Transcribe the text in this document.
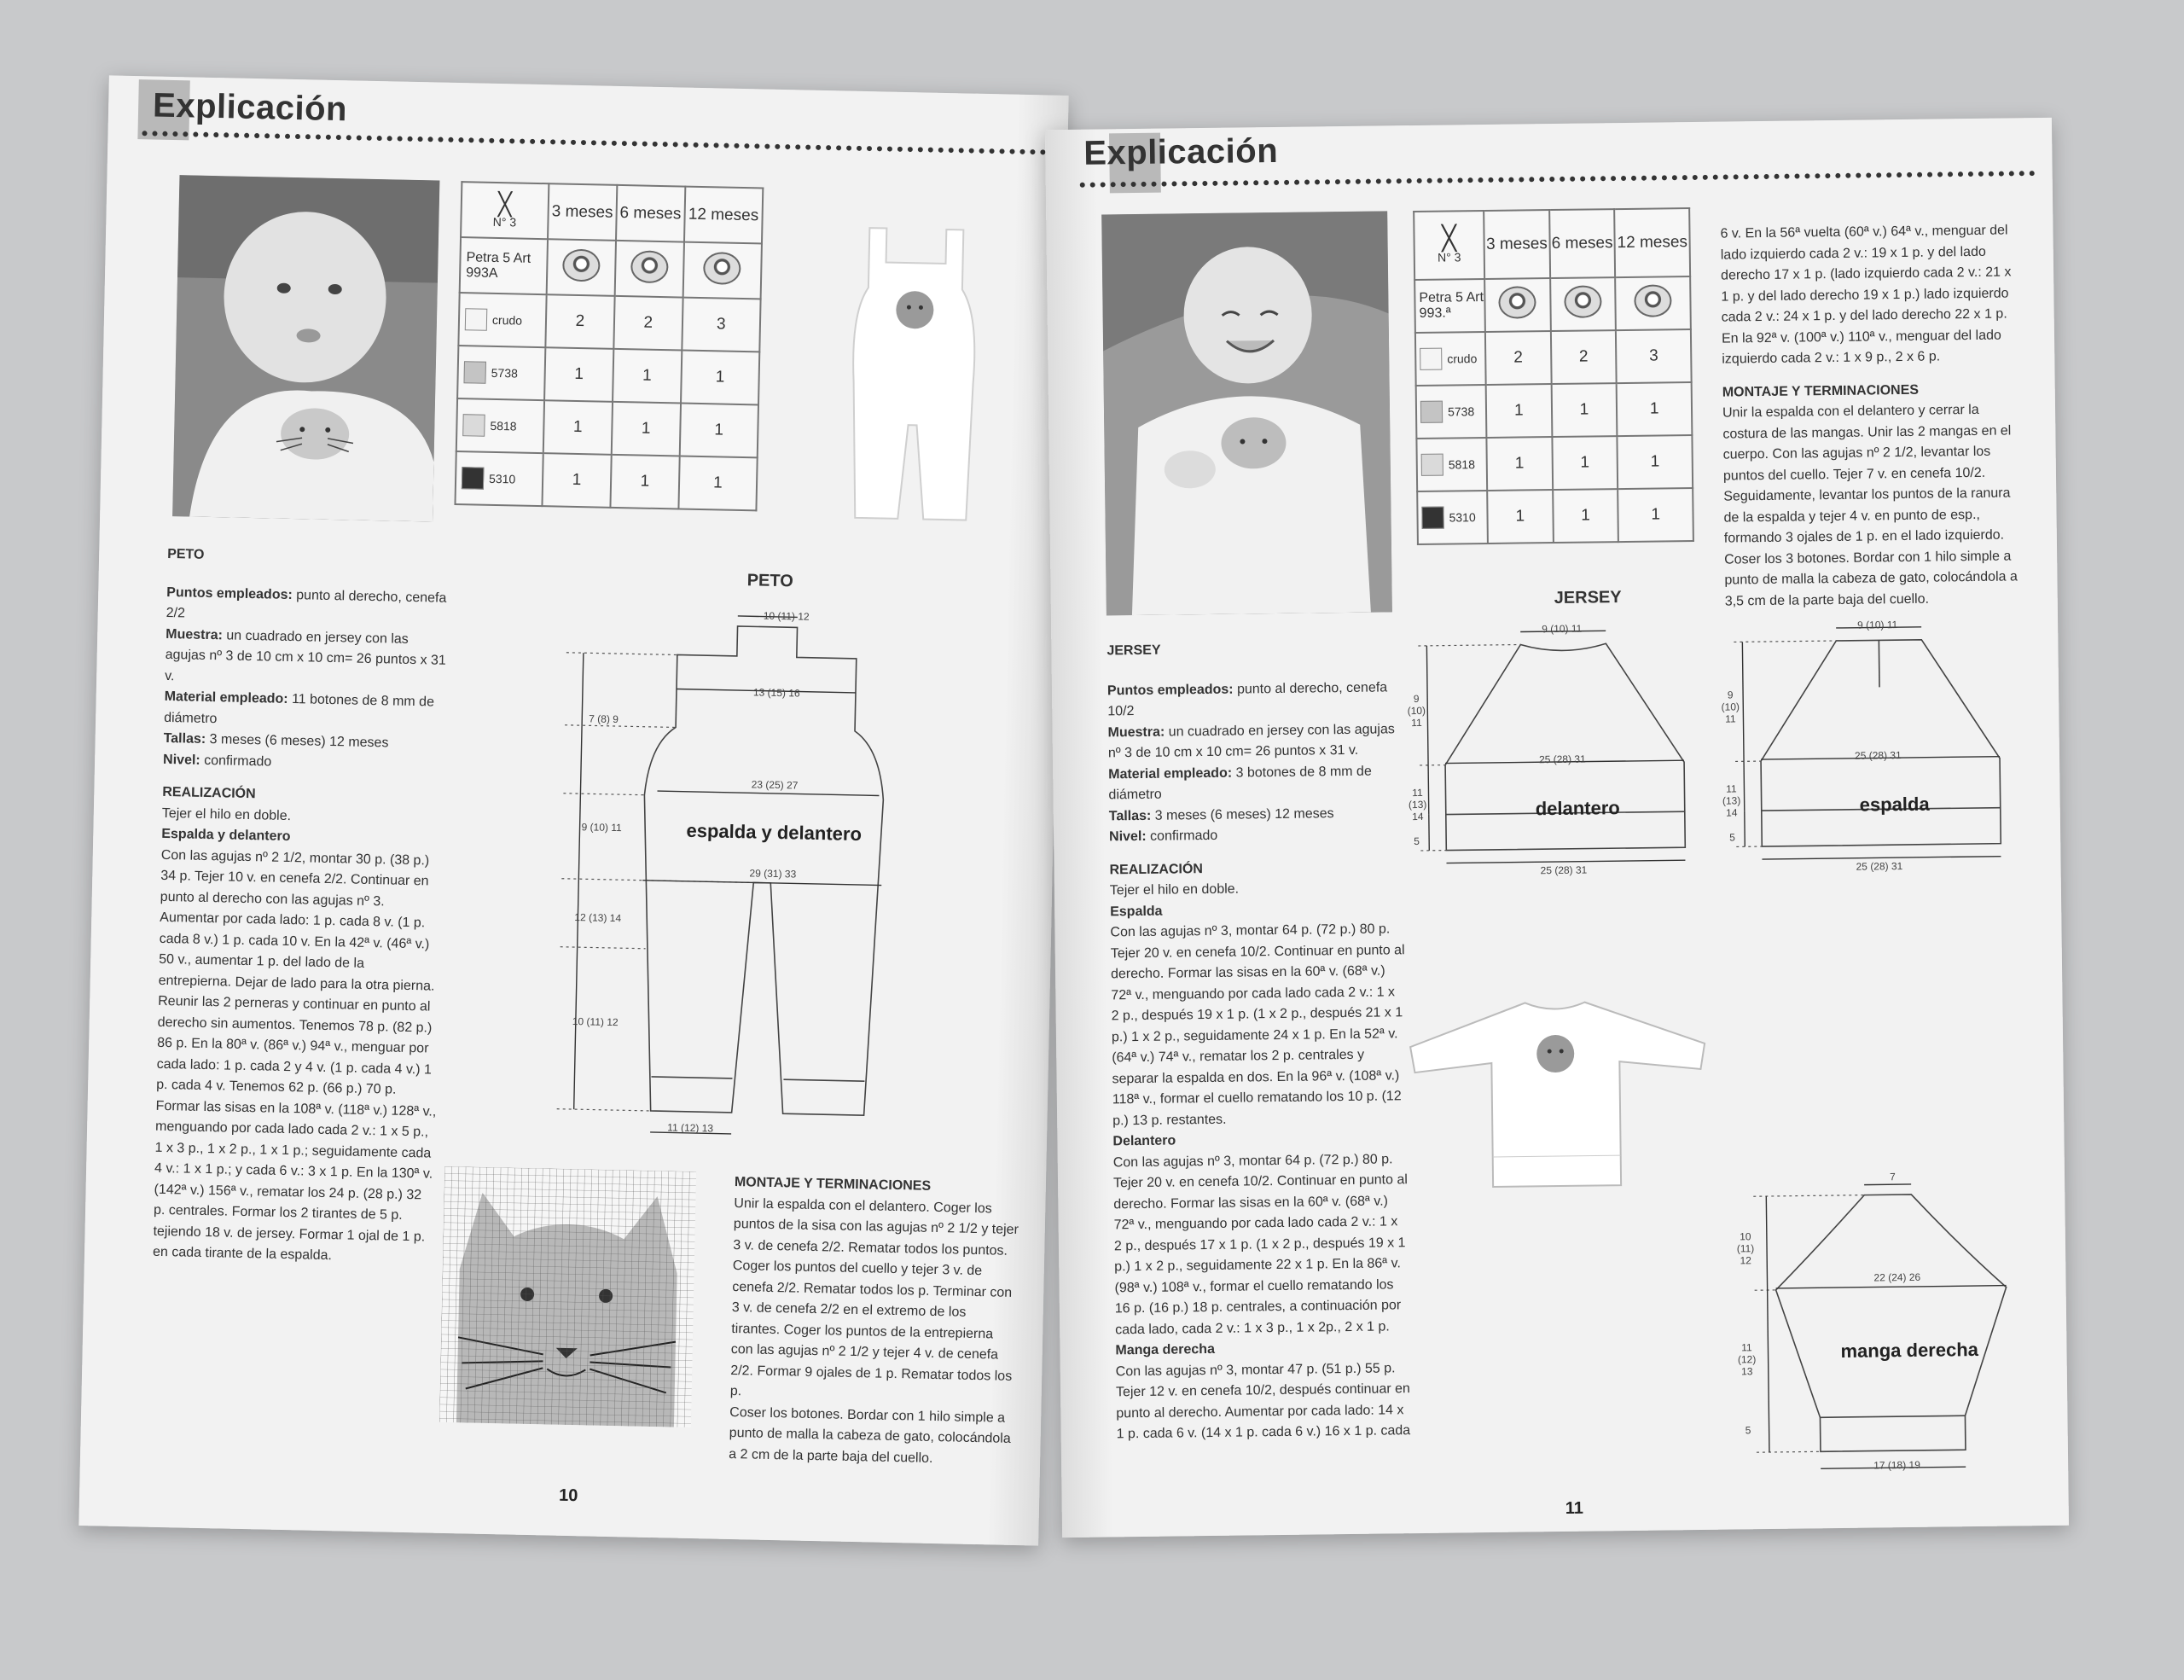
Explicación
╳
N° 3	3 meses	6 meses	12 meses
Petra 5 Art 993A			
crudo	2	2	3
5738	1	1	1
5818	1	1	1
5310	1	1	1
PETO

Puntos empleados: punto al derecho, cenefa 2/2

Muestra: un cuadrado en jersey con las agujas nº 3 de 10 cm x 10 cm= 26 puntos x 31 v.

Material empleado: 11 botones de 8 mm de diámetro

Tallas: 3 meses (6 meses) 12 meses

Nivel: confirmado

REALIZACIÓN

Tejer el hilo en doble.

Espalda y delantero

Con las agujas nº 2 1/2, montar 30 p. (38 p.) 34 p. Tejer 10 v. en cenefa 2/2. Continuar en punto al derecho con las agujas nº 3. Aumentar por cada lado: 1 p. cada 8 v. (1 p. cada 8 v.) 1 p. cada 10 v. En la 42ª v. (46ª v.) 50 v., aumentar 1 p. del lado de la entrepierna. Dejar de lado para la otra pierna. Reunir las 2 perneras y continuar en punto al derecho sin aumentos. Tenemos 78 p. (82 p.) 86 p. En la 80ª v. (86ª v.) 94ª v., menguar por cada lado: 1 p. cada 2 y 4 v. (1 p. cada 4 v.) 1 p. cada 4 v. Tenemos 62 p. (66 p.) 70 p. Formar las sisas en la 108ª v. (118ª v.) 128ª v., menguando por cada lado cada 2 v.: 1 x 5 p., 1 x 3 p., 1 x 2 p., 1 x 1 p.; seguidamente cada 4 v.: 1 x 1 p.; y cada 6 v.: 3 x 1 p. En la 130ª v. (142ª v.) 156ª v., rematar los 24 p. (28 p.) 32 p. centrales. Formar los 2 tirantes de 5 p. tejiendo 18 v. de jersey. Formar 1 ojal de 1 p. en cada tirante de la espalda.

PETO
10 (11) 12
7 (8) 9
13 (15) 16
23 (25) 27
9 (10) 11
29 (31) 33
12 (13) 14
10 (11) 12
11 (12) 13
espalda y delantero
MONTAJE Y TERMINACIONES

Unir la espalda con el delantero. Coger los puntos de la sisa con las agujas nº 2 1/2 y tejer 3 v. de cenefa 2/2. Rematar todos los puntos. Coger los puntos del cuello y tejer 3 v. de cenefa 2/2. Rematar todos los p. Terminar con 3 v. de cenefa 2/2 en el extremo de los tirantes. Coger los puntos de la entrepierna con las agujas nº 2 1/2 y tejer 4 v. de cenefa 2/2. Formar 9 ojales de 1 p. Rematar todos los p.

Coser los botones. Bordar con 1 hilo simple a punto de malla la cabeza de gato, colocándola a 2 cm de la parte baja del cuello.

10
Explicación
╳
N° 3	3 meses	6 meses	12 meses
Petra 5 Art 993.ª			
crudo	2	2	3
5738	1	1	1
5818	1	1	1
5310	1	1	1

6 v. En la 56ª vuelta (60ª v.) 64ª v., menguar del lado izquierdo cada 2 v.: 19 x 1 p. y del lado derecho 17 x 1 p. (lado izquierdo cada 2 v.: 21 x 1 p. y del lado derecho 19 x 1 p.) lado izquierdo cada 2 v.: 24 x 1 p. y del lado derecho 22 x 1 p. En la 92ª v. (100ª v.) 110ª v., menguar del lado izquierdo cada 2 v.: 1 x 9 p., 2 x 6 p.

MONTAJE Y TERMINACIONES

Unir la espalda con el delantero y cerrar la costura de las mangas. Unir las 2 mangas en el cuerpo. Con las agujas nº 2 1/2, levantar los puntos del cuello. Tejer 7 v. en cenefa 10/2. Seguidamente, levantar los puntos de la ranura de la espalda y tejer 4 v. en punto de esp., formando 3 ojales de 1 p. en el lado izquierdo. Coser los 3 botones. Bordar con 1 hilo simple a punto de malla la cabeza de gato, colocándola a 3,5 cm de la parte baja del cuello.

JERSEY

Puntos empleados: punto al derecho, cenefa 10/2

Muestra: un cuadrado en jersey con las agujas nº 3 de 10 cm x 10 cm= 26 puntos x 31 v.

Material empleado: 3 botones de 8 mm de diámetro

Tallas: 3 meses (6 meses) 12 meses

Nivel: confirmado

REALIZACIÓN

Tejer el hilo en doble.

Espalda

Con las agujas nº 3, montar 64 p. (72 p.) 80 p. Tejer 20 v. en cenefa 10/2. Continuar en punto al derecho. Formar las sisas en la 60ª v. (68ª v.) 72ª v., menguando por cada lado cada 2 v.: 1 x 2 p., después 19 x 1 p. (1 x 2 p., después 21 x 1 p.) 1 x 2 p., seguidamente 24 x 1 p. En la 52ª v. (64ª v.) 74ª v., rematar los 2 p. centrales y separar la espalda en dos. En la 96ª v. (108ª v.) 118ª v., formar el cuello rematando los 10 p. (12 p.) 13 p. restantes.

Delantero

Con las agujas nº 3, montar 64 p. (72 p.) 80 p. Tejer 20 v. en cenefa 10/2. Continuar en punto al derecho. Formar las sisas en la 60ª v. (68ª v.) 72ª v., menguando por cada lado cada 2 v.: 1 x 2 p., después 17 x 1 p. (1 x 2 p., después 19 x 1 p.) 1 x 2 p., seguidamente 22 x 1 p. En la 86ª v. (98ª v.) 108ª v., formar el cuello rematando los 16 p. (16 p.) 18 p. centrales, a continuación por cada lado, cada 2 v.: 1 x 3 p., 1 x 2p., 2 x 1 p.

Manga derecha

Con las agujas nº 3, montar 47 p. (51 p.) 55 p. Tejer 12 v. en cenefa 10/2, después continuar en punto al derecho. Aumentar por cada lado: 14 x 1 p. cada 6 v. (14 x 1 p. cada 6 v.) 16 x 1 p. cada

JERSEY
9 (10) 11
9 (10) 11
25 (28) 31
11 (13) 14
5
25 (28) 31
delantero
9 (10) 11
9 (10) 11
25 (28) 31
11 (13) 14
5
25 (28) 31
espalda
7
10 (11) 12
22 (24) 26
11 (12) 13
5
17 (18) 19
manga derecha
11
